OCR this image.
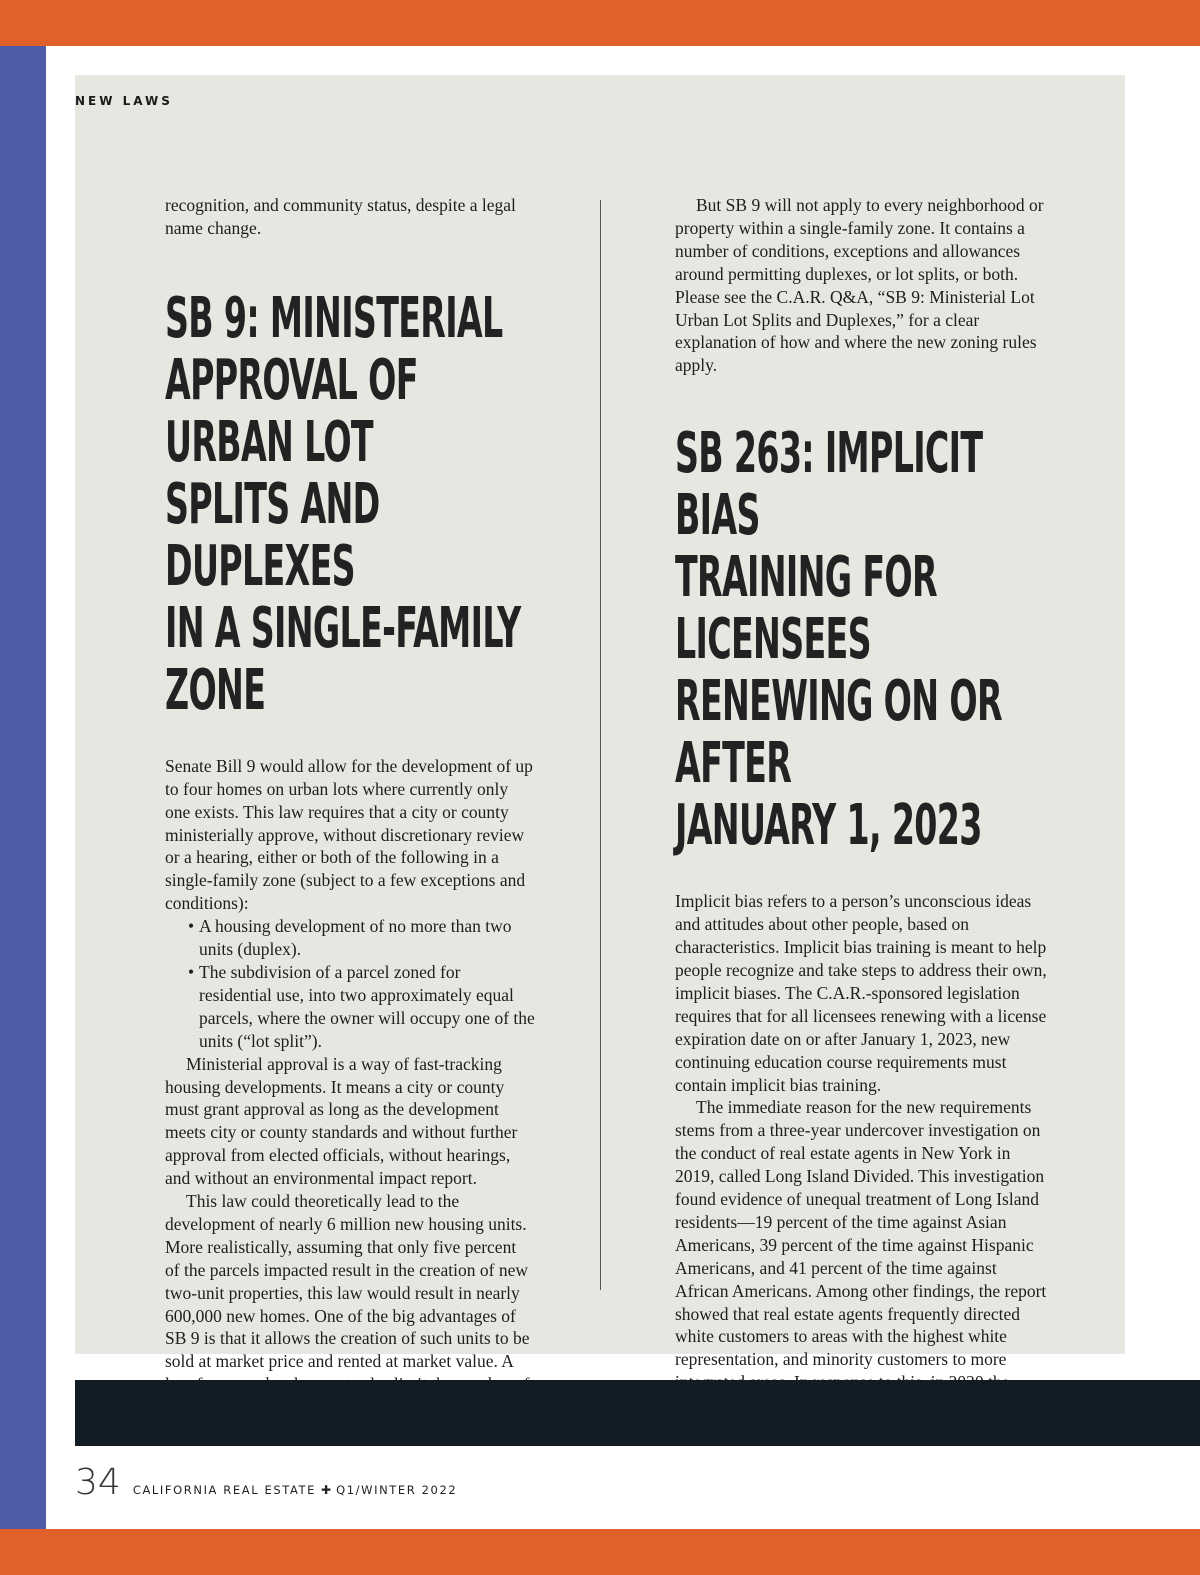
NEW LAWS

recognition, and community status, despite a legal name change.

SB 9: MINISTERIAL
APPROVAL OF URBAN LOT
SPLITS AND DUPLEXES
IN A SINGLE-FAMILY ZONE

Senate Bill 9 would allow for the development of up to four homes on urban lots where currently only one exists. This law requires that a city or county ministerially approve, without discretionary review or a hearing, either or both of the following in a single-family zone (subject to a few exceptions and conditions):

• A housing development of no more than two units (duplex).
• The subdivision of a parcel zoned for residential use, into two approximately equal parcels, where the owner will occupy one of the units (“lot split”).

Ministerial approval is a way of fast-tracking housing developments. It means a city or county must grant approval as long as the development meets city or county standards and without further approval from elected officials, without hearings, and without an environmental impact report.

This law could theoretically lead to the development of nearly 6 million new housing units. More realistically, assuming that only five percent of the parcels impacted result in the creation of new two-unit properties, this law would result in nearly 600,000 new homes. One of the big advantages of SB 9 is that it allows the creation of such units to be sold at market price and rented at market value. A

But SB 9 will not apply to every neighborhood or property within a single-family zone. It contains a number of conditions, exceptions and allowances around permitting duplexes, or lot splits, or both. Please see the C.A.R. Q&A, “SB 9: Ministerial Lot Urban Lot Splits and Duplexes,” for a clear explanation of how and where the new zoning rules apply.

SB 263: IMPLICIT BIAS
TRAINING FOR LICENSEES
RENEWING ON OR AFTER
JANUARY 1, 2023

Implicit bias refers to a person’s unconscious ideas and attitudes about other people, based on characteristics. Implicit bias training is meant to help people recognize and take steps to address their own, implicit biases. The C.A.R.-sponsored legislation requires that for all licensees renewing with a license expiration date on or after January 1, 2023, new continuing education course requirements must contain implicit bias training.

The immediate reason for the new requirements stems from a three-year undercover investigation on the conduct of real estate agents in New York in 2019, called Long Island Divided. This investigation found evidence of unequal treatment of Long Island residents—19 percent of the time against Asian Americans, 39 percent of the time against Hispanic Americans, and 41 percent of the time against African Americans. Among other findings, the report showed that real estate agents frequently directed white customers to areas with the highest white representation, and minority customers to more

34 CALIFORNIA REAL ESTATE ✚ Q1/WINTER 2022
